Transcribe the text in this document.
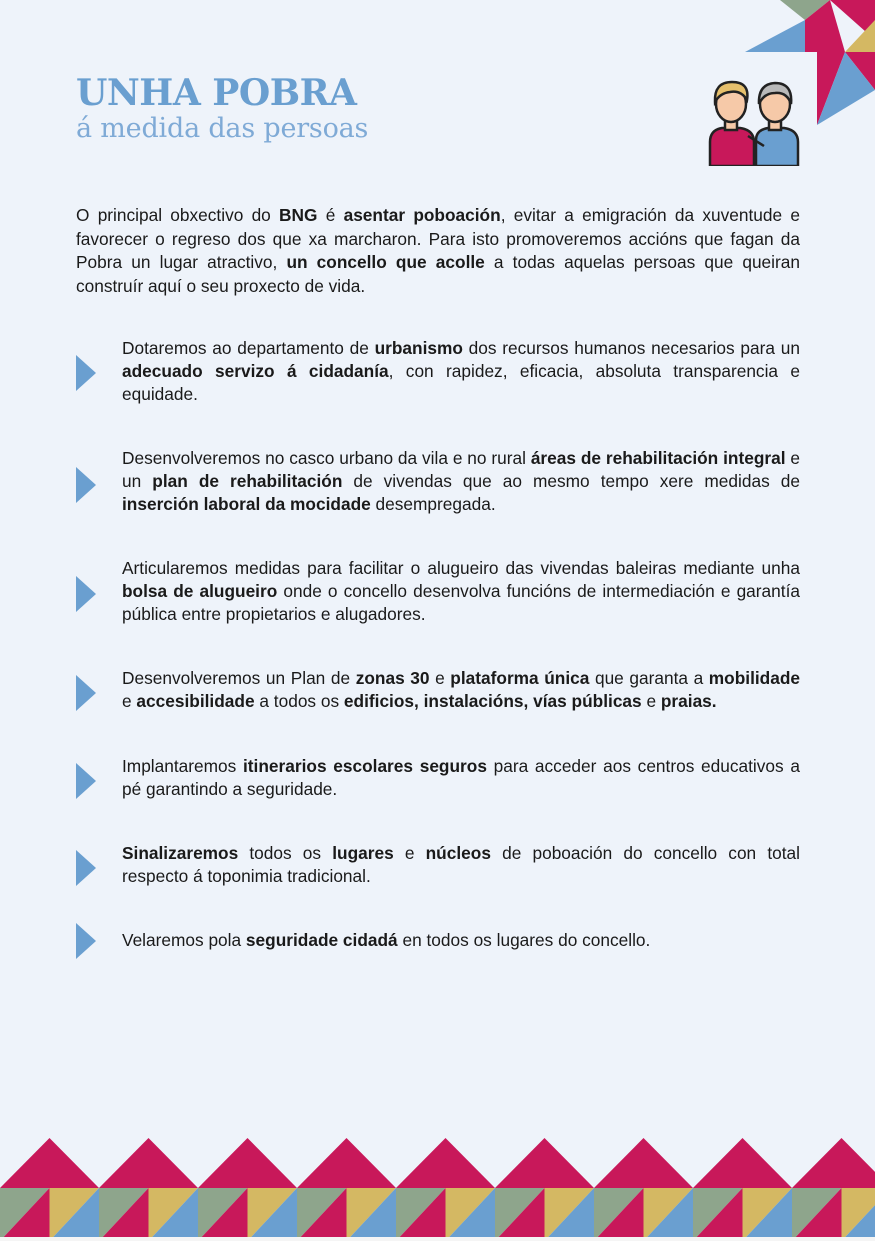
UNHA POBRA
á medida das persoas
O principal obxectivo do BNG é asentar poboación, evitar a emigración da xuventude e favorecer o regreso dos que xa marcharon. Para isto promoveremos accións que fagan da Pobra un lugar atractivo, un concello que acolle a todas aquelas persoas que queiran construír aquí o seu proxecto de vida.
Dotaremos ao departamento de urbanismo dos recursos humanos necesarios para un adecuado servizo á cidadanía, con rapidez, eficacia, absoluta transparencia e equidade.
Desenvolveremos no casco urbano da vila e no rural áreas de rehabilitación integral e un plan de rehabilitación de vivendas que ao mesmo tempo xere medidas de inserción laboral da mocidade desempregada.
Articularemos medidas para facilitar o alugueiro das vivendas baleiras mediante unha bolsa de alugueiro onde o concello desenvolva funcións de intermediación e garantía pública entre propietarios e alugadores.
Desenvolveremos un Plan de zonas 30 e plataforma única que garanta a mobilidade e accesibilidade a todos os edificios, instalacións, vías públicas e praias.
Implantaremos itinerarios escolares seguros para acceder aos centros educativos a pé garantindo a seguridade.
Sinalizaremos todos os lugares e núcleos de poboación do concello con total respecto á toponimia tradicional.
Velaremos pola seguridade cidadá en todos os lugares do concello.
